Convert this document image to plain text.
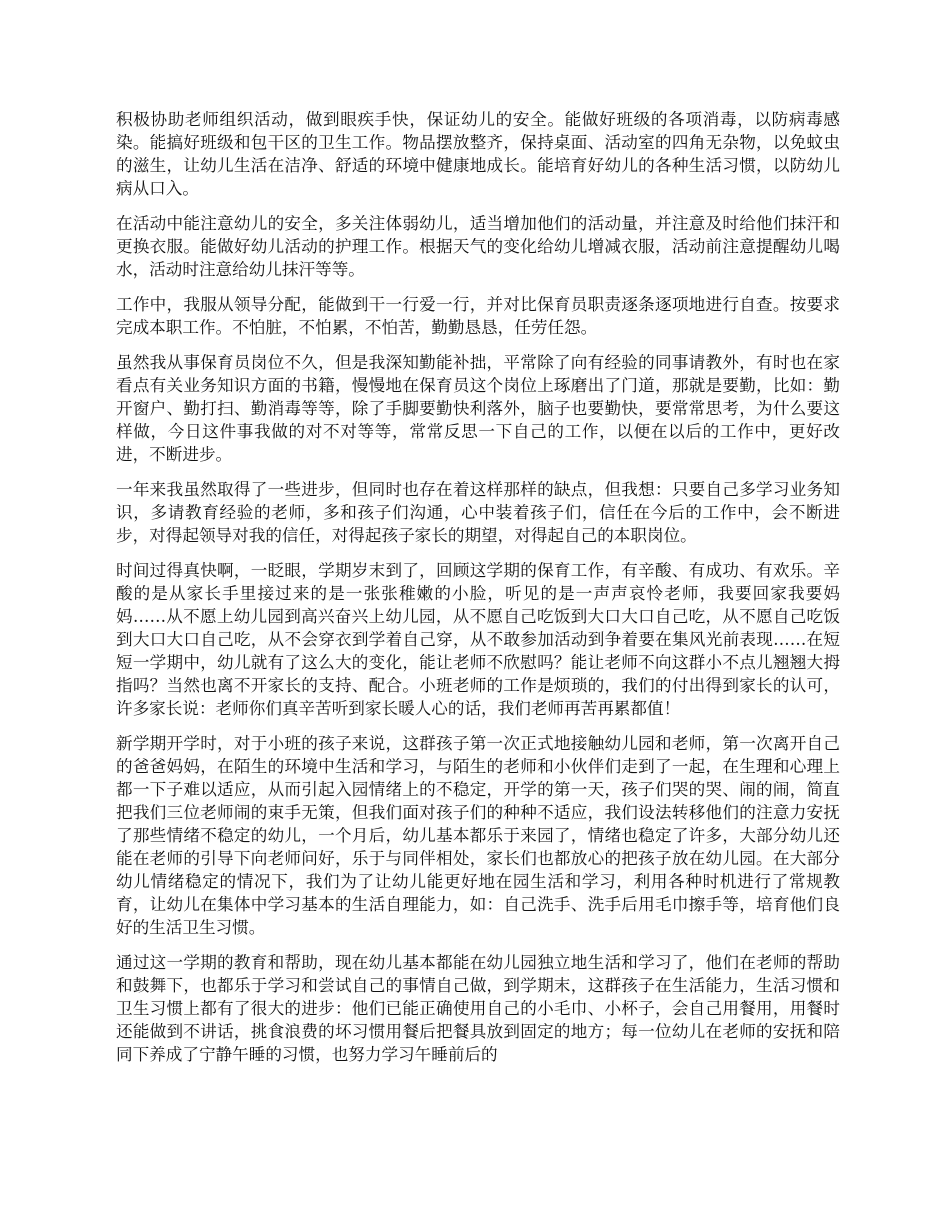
积极协助老师组织活动，做到眼疾手快，保证幼儿的安全。能做好班级的各项消毒，以防病毒感染。能搞好班级和包干区的卫生工作。物品摆放整齐，保持桌面、活动室的四角无杂物，以免蚊虫的滋生，让幼儿生活在洁净、舒适的环境中健康地成长。能培育好幼儿的各种生活习惯，以防幼儿病从口入。

在活动中能注意幼儿的安全，多关注体弱幼儿，适当增加他们的活动量，并注意及时给他们抹汗和更换衣服。能做好幼儿活动的护理工作。根据天气的变化给幼儿增减衣服，活动前注意提醒幼儿喝水，活动时注意给幼儿抹汗等等。

工作中，我服从领导分配，能做到干一行爱一行，并对比保育员职责逐条逐项地进行自查。按要求完成本职工作。不怕脏，不怕累，不怕苦，勤勤恳恳，任劳任怨。

虽然我从事保育员岗位不久，但是我深知勤能补拙，平常除了向有经验的同事请教外，有时也在家看点有关业务知识方面的书籍，慢慢地在保育员这个岗位上琢磨出了门道，那就是要勤，比如：勤开窗户、勤打扫、勤消毒等等，除了手脚要勤快利落外，脑子也要勤快，要常常思考，为什么要这样做，今日这件事我做的对不对等等，常常反思一下自己的工作，以便在以后的工作中，更好改进，不断进步。

一年来我虽然取得了一些进步，但同时也存在着这样那样的缺点，但我想：只要自己多学习业务知识，多请教育经验的老师，多和孩子们沟通，心中装着孩子们，信任在今后的工作中，会不断进步，对得起领导对我的信任，对得起孩子家长的期望，对得起自己的本职岗位。

时间过得真快啊，一眨眼，学期岁末到了，回顾这学期的保育工作，有辛酸、有成功、有欢乐。辛酸的是从家长手里接过来的是一张张稚嫩的小脸，听见的是一声声哀怜老师，我要回家我要妈妈……从不愿上幼儿园到高兴奋兴上幼儿园，从不愿自己吃饭到大口大口自己吃，从不愿自己吃饭到大口大口自己吃，从不会穿衣到学着自己穿，从不敢参加活动到争着要在集风光前表现……在短短一学期中，幼儿就有了这么大的变化，能让老师不欣慰吗？能让老师不向这群小不点儿翘翘大拇指吗？当然也离不开家长的支持、配合。小班老师的工作是烦琐的，我们的付出得到家长的认可，许多家长说：老师你们真辛苦听到家长暖人心的话，我们老师再苦再累都值！

新学期开学时，对于小班的孩子来说，这群孩子第一次正式地接触幼儿园和老师，第一次离开自己的爸爸妈妈，在陌生的环境中生活和学习，与陌生的老师和小伙伴们走到了一起，在生理和心理上都一下子难以适应，从而引起入园情绪上的不稳定，开学的第一天，孩子们哭的哭、闹的闹，简直把我们三位老师闹的束手无策，但我们面对孩子们的种种不适应，我们设法转移他们的注意力安抚了那些情绪不稳定的幼儿，一个月后，幼儿基本都乐于来园了，情绪也稳定了许多，大部分幼儿还能在老师的引导下向老师问好，乐于与同伴相处，家长们也都放心的把孩子放在幼儿园。在大部分幼儿情绪稳定的情况下，我们为了让幼儿能更好地在园生活和学习，利用各种时机进行了常规教育，让幼儿在集体中学习基本的生活自理能力，如：自己洗手、洗手后用毛巾擦手等，培育他们良好的生活卫生习惯。

通过这一学期的教育和帮助，现在幼儿基本都能在幼儿园独立地生活和学习了，他们在老师的帮助和鼓舞下，也都乐于学习和尝试自己的事情自己做，到学期末，这群孩子在生活能力，生活习惯和卫生习惯上都有了很大的进步：他们已能正确使用自己的小毛巾、小杯子，会自己用餐用，用餐时还能做到不讲话，挑食浪费的坏习惯用餐后把餐具放到固定的地方；每一位幼儿在老师的安抚和陪同下养成了宁静午睡的习惯，也努力学习午睡前后的
